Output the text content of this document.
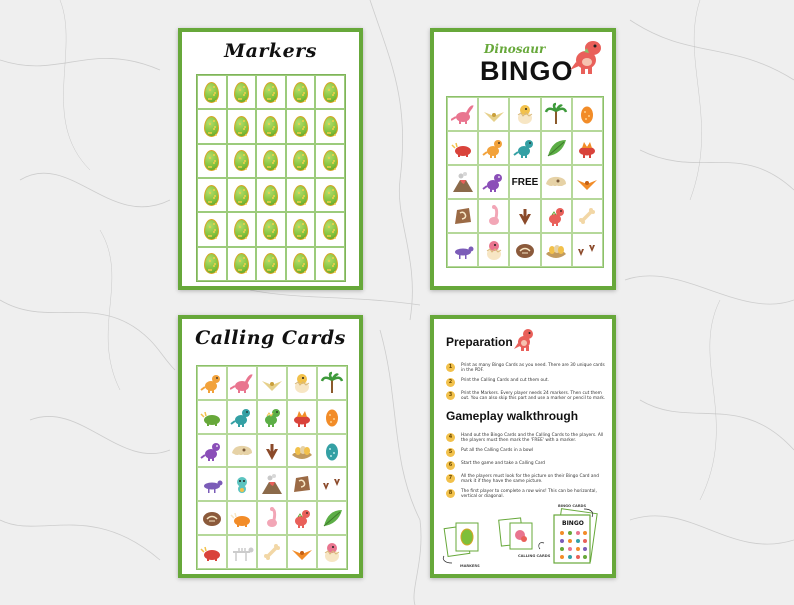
Markers	Dinosaur
BINGO
FREE
Calling Cards	Preparation
1	Print as many Bingo Cards as you need. There are 30 unique cards in the PDF.
2	Print the Calling Cards and cut them out.
3	Print the Markers. Every player needs 24 markers. Then cut them out. You can also skip this part and use a marker or pencil to mark.
Gameplay walkthrough
4	Hand out the Bingo Cards and the Calling Cards to the players. All the players must then mark the 'FREE' with a marker.
5	Put all the Calling Cards in a bowl
6	Start the game and take a Calling Card
7	All the players must look for the picture on their Bingo Card and mark it if they have the same picture.
8	The first player to complete a row wins! This can be horizontal, vertical or diagonal.
MARKERS
CALLING CARDS
BINGO
BINGO CARDS
